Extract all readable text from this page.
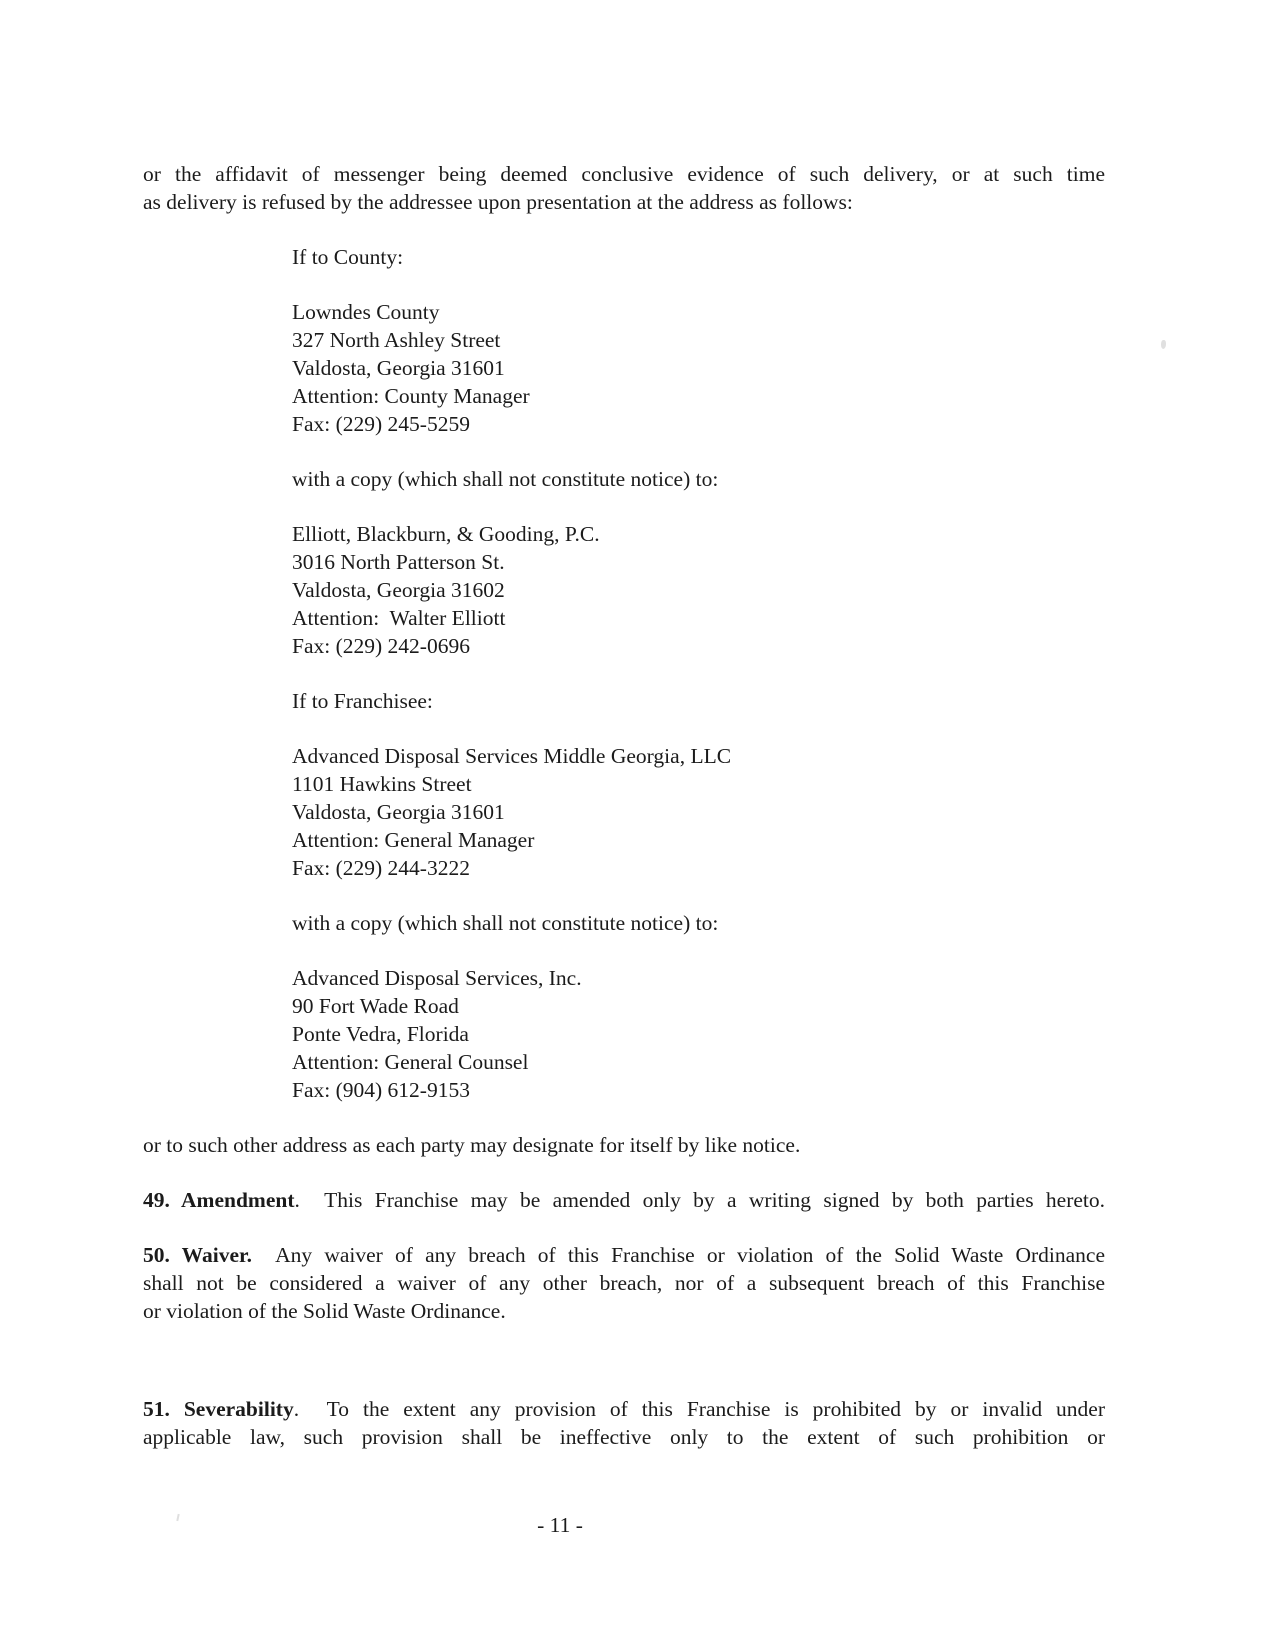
or the affidavit of messenger being deemed conclusive evidence of such delivery, or at such time
as delivery is refused by the addressee upon presentation at the address as follows:
If to County:
Lowndes County
327 North Ashley Street
Valdosta, Georgia 31601
Attention: County Manager
Fax: (229) 245-5259
with a copy (which shall not constitute notice) to:
Elliott, Blackburn, & Gooding, P.C.
3016 North Patterson St.
Valdosta, Georgia 31602
Attention:  Walter Elliott
Fax: (229) 242-0696
If to Franchisee:
Advanced Disposal Services Middle Georgia, LLC
1101 Hawkins Street
Valdosta, Georgia 31601
Attention: General Manager
Fax: (229) 244-3222
with a copy (which shall not constitute notice) to:
Advanced Disposal Services, Inc.
90 Fort Wade Road
Ponte Vedra, Florida
Attention: General Counsel
Fax: (904) 612-9153
or to such other address as each party may designate for itself by like notice.
49. Amendment.  This Franchise may be amended only by a writing signed by both parties hereto.
50. Waiver.  Any waiver of any breach of this Franchise or violation of the Solid Waste Ordinance
shall not be considered a waiver of any other breach, nor of a subsequent breach of this Franchise
or violation of the Solid Waste Ordinance.
51. Severability.  To the extent any provision of this Franchise is prohibited by or invalid under
applicable law, such provision shall be ineffective only to the extent of such prohibition or
- 11 -
